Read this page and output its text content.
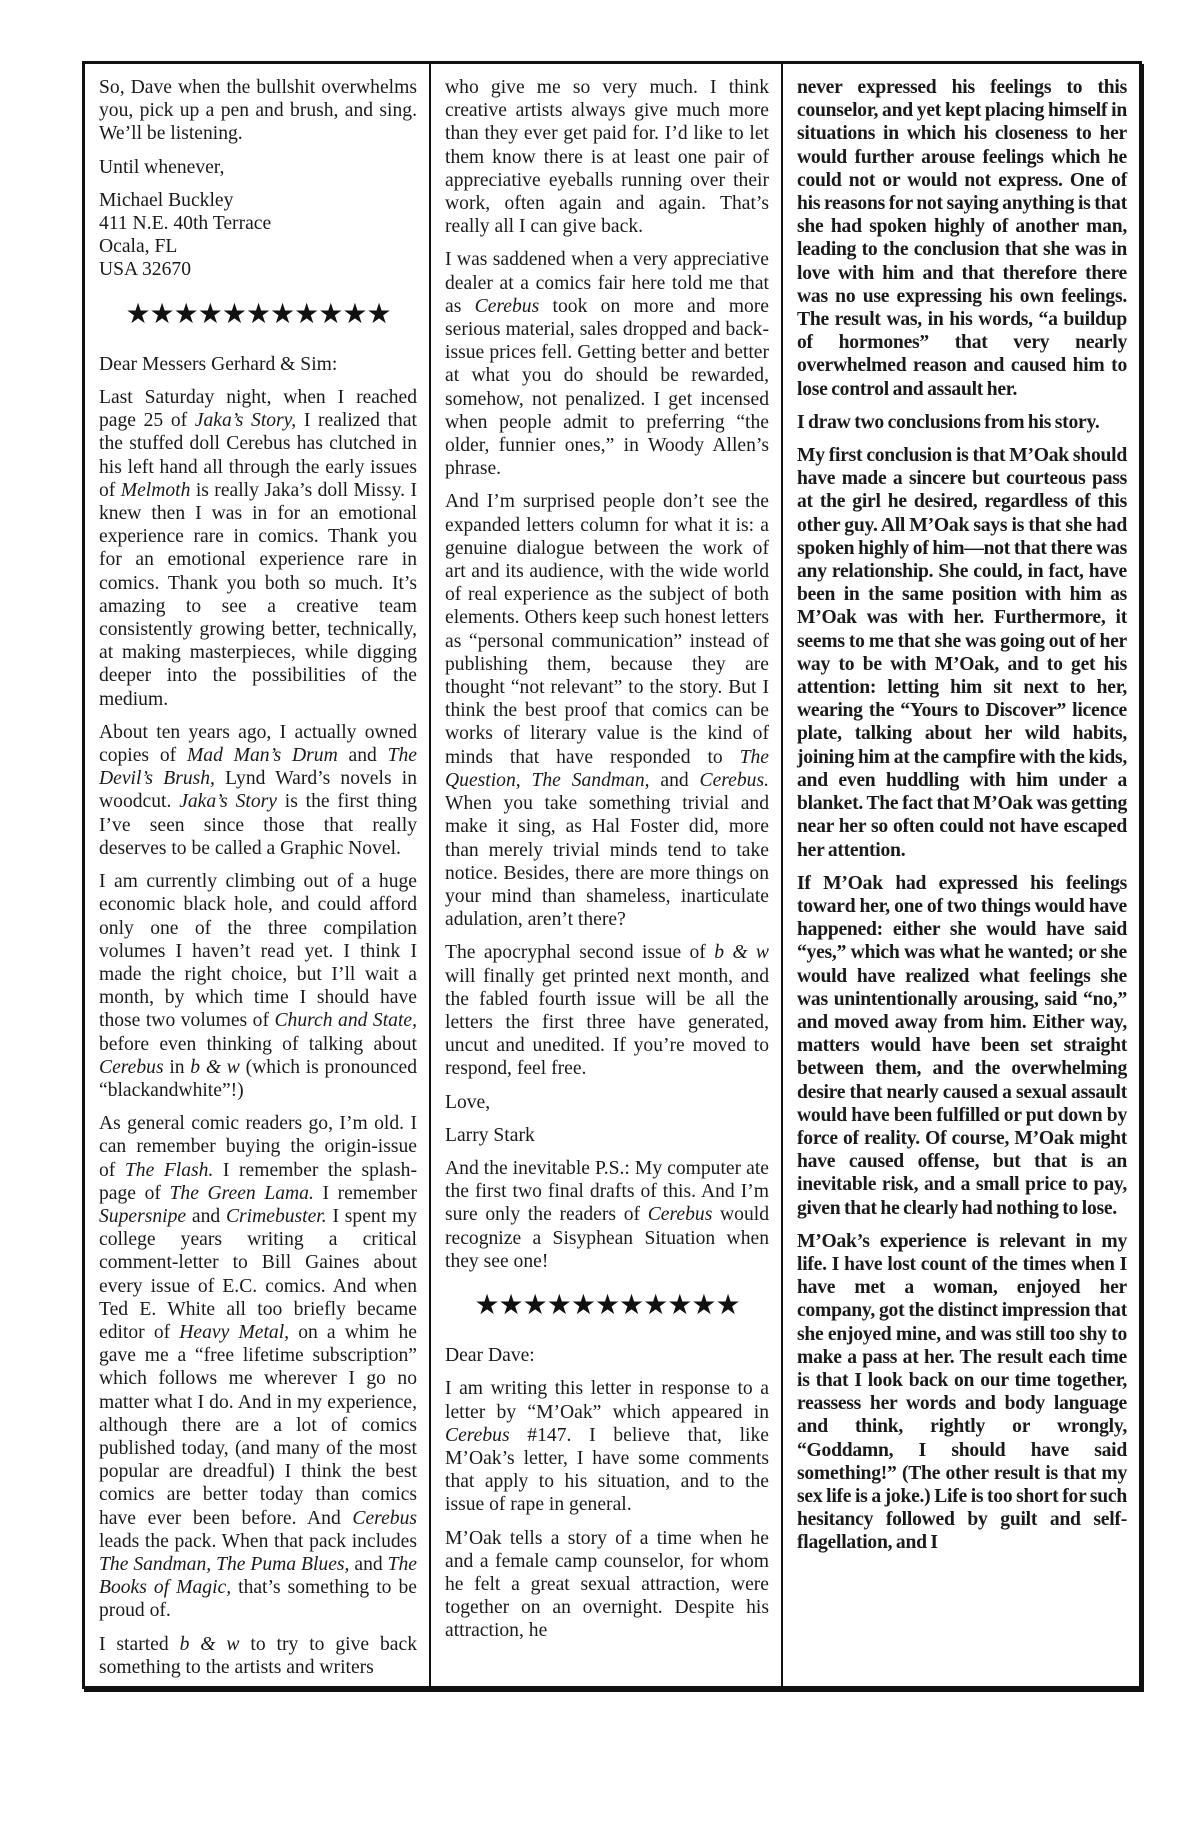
So, Dave when the bullshit overwhelms you, pick up a pen and brush, and sing. We’ll be listening.

Until whenever,

Michael Buckley

411 N.E. 40th Terrace

Ocala, FL

USA 32670

★★★★★★★★★★★

Dear Messers Gerhard & Sim:

Last Saturday night, when I reached page 25 of Jaka’s Story, I realized that the stuffed doll Cerebus has clutched in his left hand all through the early issues of Melmoth is really Jaka’s doll Missy. I knew then I was in for an emotional experience rare in comics. Thank you for an emotional experience rare in comics. Thank you both so much. It’s amazing to see a creative team consistently growing better, technically, at making masterpieces, while digging deeper into the possibilities of the medium.

About ten years ago, I actually owned copies of Mad Man’s Drum and The Devil’s Brush, Lynd Ward’s novels in woodcut. Jaka’s Story is the first thing I’ve seen since those that really deserves to be called a Graphic Novel.

I am currently climbing out of a huge economic black hole, and could afford only one of the three compilation volumes I haven’t read yet. I think I made the right choice, but I’ll wait a month, by which time I should have those two volumes of Church and State, before even thinking of talking about Cerebus in b & w (which is pronounced “blackandwhite”!)

As general comic readers go, I’m old. I can remember buying the origin-issue of The Flash. I remember the splash-page of The Green Lama. I remember Supersnipe and Crimebuster. I spent my college years writing a critical comment-letter to Bill Gaines about every issue of E.C. comics. And when Ted E. White all too briefly became editor of Heavy Metal, on a whim he gave me a “free lifetime subscription” which follows me wherever I go no matter what I do. And in my experience, although there are a lot of comics published today, (and many of the most popular are dreadful) I think the best comics are better today than comics have ever been before. And Cerebus leads the pack. When that pack includes The Sandman, The Puma Blues, and The Books of Magic, that’s something to be proud of.

I started b & w to try to give back something to the artists and writers

who give me so very much. I think creative artists always give much more than they ever get paid for. I’d like to let them know there is at least one pair of appreciative eyeballs running over their work, often again and again. That’s really all I can give back.

I was saddened when a very appreciative dealer at a comics fair here told me that as Cerebus took on more and more serious material, sales dropped and back-issue prices fell. Getting better and better at what you do should be rewarded, somehow, not penalized. I get incensed when people admit to preferring “the older, funnier ones,” in Woody Allen’s phrase.

And I’m surprised people don’t see the expanded letters column for what it is: a genuine dialogue between the work of art and its audience, with the wide world of real experience as the subject of both elements. Others keep such honest letters as “personal communication” instead of publishing them, because they are thought “not relevant” to the story. But I think the best proof that comics can be works of literary value is the kind of minds that have responded to The Question, The Sandman, and Cerebus. When you take something trivial and make it sing, as Hal Foster did, more than merely trivial minds tend to take notice. Besides, there are more things on your mind than shameless, inarticulate adulation, aren’t there?

The apocryphal second issue of b & w will finally get printed next month, and the fabled fourth issue will be all the letters the first three have generated, uncut and unedited. If you’re moved to respond, feel free.

Love,

Larry Stark

And the inevitable P.S.: My computer ate the first two final drafts of this. And I’m sure only the readers of Cerebus would recognize a Sisyphean Situation when they see one!

★★★★★★★★★★★

Dear Dave:

I am writing this letter in response to a letter by “M’Oak” which appeared in Cerebus #147. I believe that, like M’Oak’s letter, I have some comments that apply to his situation, and to the issue of rape in general.

M’Oak tells a story of a time when he and a female camp counselor, for whom he felt a great sexual attraction, were together on an overnight. Despite his attraction, he

never expressed his feelings to this counselor, and yet kept placing himself in situations in which his closeness to her would further arouse feelings which he could not or would not express. One of his reasons for not saying anything is that she had spoken highly of another man, leading to the conclusion that she was in love with him and that therefore there was no use expressing his own feelings. The result was, in his words, “a buildup of hormones” that very nearly overwhelmed reason and caused him to lose control and assault her.

I draw two conclusions from his story.

My first conclusion is that M’Oak should have made a sincere but courteous pass at the girl he desired, regardless of this other guy. All M’Oak says is that she had spoken highly of him—not that there was any relationship. She could, in fact, have been in the same position with him as M’Oak was with her. Furthermore, it seems to me that she was going out of her way to be with M’Oak, and to get his attention: letting him sit next to her, wearing the “Yours to Discover” licence plate, talking about her wild habits, joining him at the campfire with the kids, and even huddling with him under a blanket. The fact that M’Oak was getting near her so often could not have escaped her attention.

If M’Oak had expressed his feelings toward her, one of two things would have happened: either she would have said “yes,” which was what he wanted; or she would have realized what feelings she was unintentionally arousing, said “no,” and moved away from him. Either way, matters would have been set straight between them, and the overwhelming desire that nearly caused a sexual assault would have been fulfilled or put down by force of reality. Of course, M’Oak might have caused offense, but that is an inevitable risk, and a small price to pay, given that he clearly had nothing to lose.

M’Oak’s experience is relevant in my life. I have lost count of the times when I have met a woman, enjoyed her company, got the distinct impression that she enjoyed mine, and was still too shy to make a pass at her. The result each time is that I look back on our time together, reassess her words and body language and think, rightly or wrongly, “Goddamn, I should have said something!” (The other result is that my sex life is a joke.) Life is too short for such hesitancy followed by guilt and self-flagellation, and I
